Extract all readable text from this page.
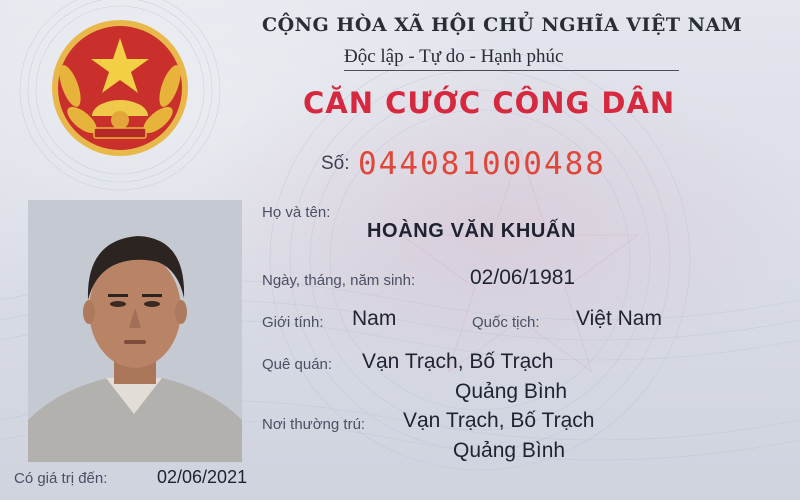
CỘNG HÒA XÃ HỘI CHỦ NGHĨA VIỆT NAM
Độc lập - Tự do - Hạnh phúc
CĂN CƯỚC CÔNG DÂN
Số: 044081000488
Họ và tên:
HOÀNG VĂN KHUẤN
Ngày, tháng, năm sinh:	02/06/1981
Giới tính: Nam	Quốc tịch: Việt Nam
Quê quán: Vạn Trạch, Bố Trạch
Quảng Bình
Nơi thường trú: Vạn Trạch, Bố Trạch
Quảng Bình
Có giá trị đến:	02/06/2021
